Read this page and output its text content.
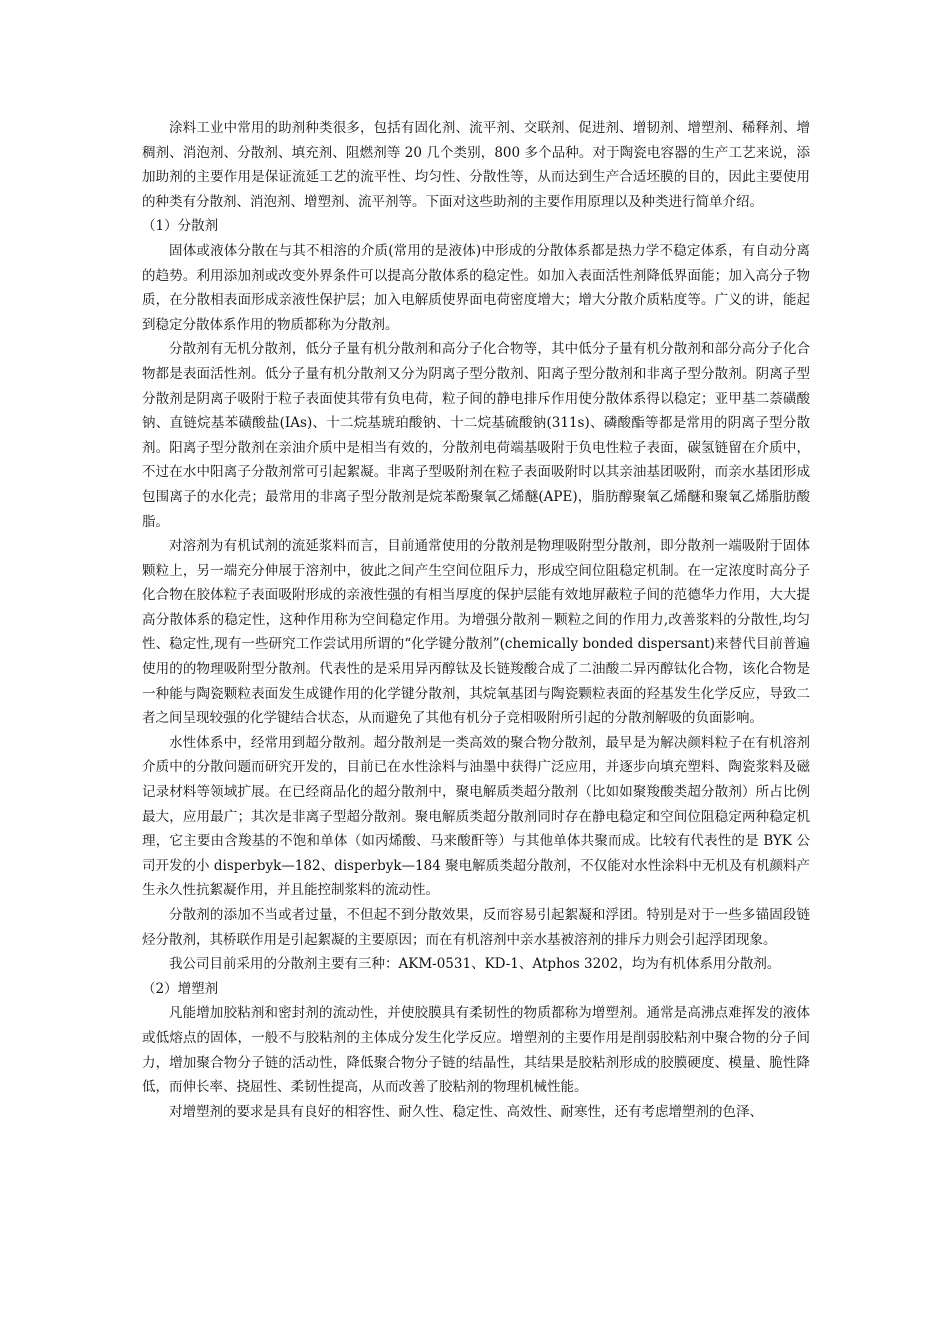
涂料工业中常用的助剂种类很多，包括有固化剂、流平剂、交联剂、促进剂、增韧剂、增塑剂、稀释剂、增稠剂、消泡剂、分散剂、填充剂、阻燃剂等 20 几个类别，800 多个品种。对于陶瓷电容器的生产工艺来说，添加助剂的主要作用是保证流延工艺的流平性、均匀性、分散性等，从而达到生产合适坯膜的目的，因此主要使用的种类有分散剂、消泡剂、增塑剂、流平剂等。下面对这些助剂的主要作用原理以及种类进行简单介绍。

（1）分散剂

固体或液体分散在与其不相溶的介质(常用的是液体)中形成的分散体系都是热力学不稳定体系，有自动分离的趋势。利用添加剂或改变外界条件可以提高分散体系的稳定性。如加入表面活性剂降低界面能；加入高分子物质，在分散相表面形成亲液性保护层；加入电解质使界面电荷密度增大；增大分散介质粘度等。广义的讲，能起到稳定分散体系作用的物质都称为分散剂。

分散剂有无机分散剂，低分子量有机分散剂和高分子化合物等，其中低分子量有机分散剂和部分高分子化合物都是表面活性剂。低分子量有机分散剂又分为阴离子型分散剂、阳离子型分散剂和非离子型分散剂。阴离子型分散剂是阴离子吸附于粒子表面使其带有负电荷，粒子间的静电排斥作用使分散体系得以稳定；亚甲基二萘磺酸钠、直链烷基苯磺酸盐(IAs)、十二烷基琥珀酸钠、十二烷基硫酸钠(311s)、磷酸酯等都是常用的阴离子型分散剂。阳离子型分散剂在亲油介质中是相当有效的，分散剂电荷端基吸附于负电性粒子表面，碳氢链留在介质中，不过在水中阳离子分散剂常可引起絮凝。非离子型吸附剂在粒子表面吸附时以其亲油基团吸附，而亲水基团形成包围离子的水化壳；最常用的非离子型分散剂是烷苯酚聚氧乙烯醚(APE)，脂肪醇聚氧乙烯醚和聚氧乙烯脂肪酸脂。

对溶剂为有机试剂的流延浆料而言，目前通常使用的分散剂是物理吸附型分散剂，即分散剂一端吸附于固体颗粒上，另一端充分伸展于溶剂中，彼此之间产生空间位阻斥力，形成空间位阻稳定机制。在一定浓度时高分子化合物在胶体粒子表面吸附形成的亲液性强的有相当厚度的保护层能有效地屏蔽粒子间的范德华力作用，大大提高分散体系的稳定性，这种作用称为空间稳定作用。为增强分散剂－颗粒之间的作用力,改善浆料的分散性,均匀性、稳定性,现有一些研究工作尝试用所谓的“化学键分散剂”(chemically bonded dispersant)来替代目前普遍使用的的物理吸附型分散剂。代表性的是采用异丙醇钛及长链羧酸合成了二油酸二异丙醇钛化合物，该化合物是一种能与陶瓷颗粒表面发生成键作用的化学键分散剂，其烷氧基团与陶瓷颗粒表面的羟基发生化学反应，导致二者之间呈现较强的化学键结合状态，从而避免了其他有机分子竞相吸附所引起的分散剂解吸的负面影响。

水性体系中，经常用到超分散剂。超分散剂是一类高效的聚合物分散剂，最早是为解决颜料粒子在有机溶剂介质中的分散问题而研究开发的，目前已在水性涂料与油墨中获得广泛应用，并逐步向填充塑料、陶瓷浆料及磁记录材料等领域扩展。在已经商品化的超分散剂中，聚电解质类超分散剂（比如如聚羧酸类超分散剂）所占比例最大，应用最广；其次是非离子型超分散剂。聚电解质类超分散剂同时存在静电稳定和空间位阻稳定两种稳定机理，它主要由含羧基的不饱和单体（如丙烯酸、马来酸酐等）与其他单体共聚而成。比较有代表性的是 BYK 公司开发的小 disperbyk—182、disperbyk—184 聚电解质类超分散剂，不仅能对水性涂料中无机及有机颜料产生永久性抗絮凝作用，并且能控制浆料的流动性。

分散剂的添加不当或者过量，不但起不到分散效果，反而容易引起絮凝和浮团。特别是对于一些多锚固段链烃分散剂，其桥联作用是引起絮凝的主要原因；而在有机溶剂中亲水基被溶剂的排斥力则会引起浮团现象。

我公司目前采用的分散剂主要有三种：AKM-0531、KD-1、Atphos 3202，均为有机体系用分散剂。

（2）增塑剂

凡能增加胶粘剂和密封剂的流动性，并使胶膜具有柔韧性的物质都称为增塑剂。通常是高沸点难挥发的液体或低熔点的固体，一般不与胶粘剂的主体成分发生化学反应。增塑剂的主要作用是削弱胶粘剂中聚合物的分子间力，增加聚合物分子链的活动性，降低聚合物分子链的结晶性，其结果是胶粘剂形成的胶膜硬度、模量、脆性降低，而伸长率、挠屈性、柔韧性提高，从而改善了胶粘剂的物理机械性能。

对增塑剂的要求是具有良好的相容性、耐久性、稳定性、高效性、耐寒性，还有考虑增塑剂的色泽、
